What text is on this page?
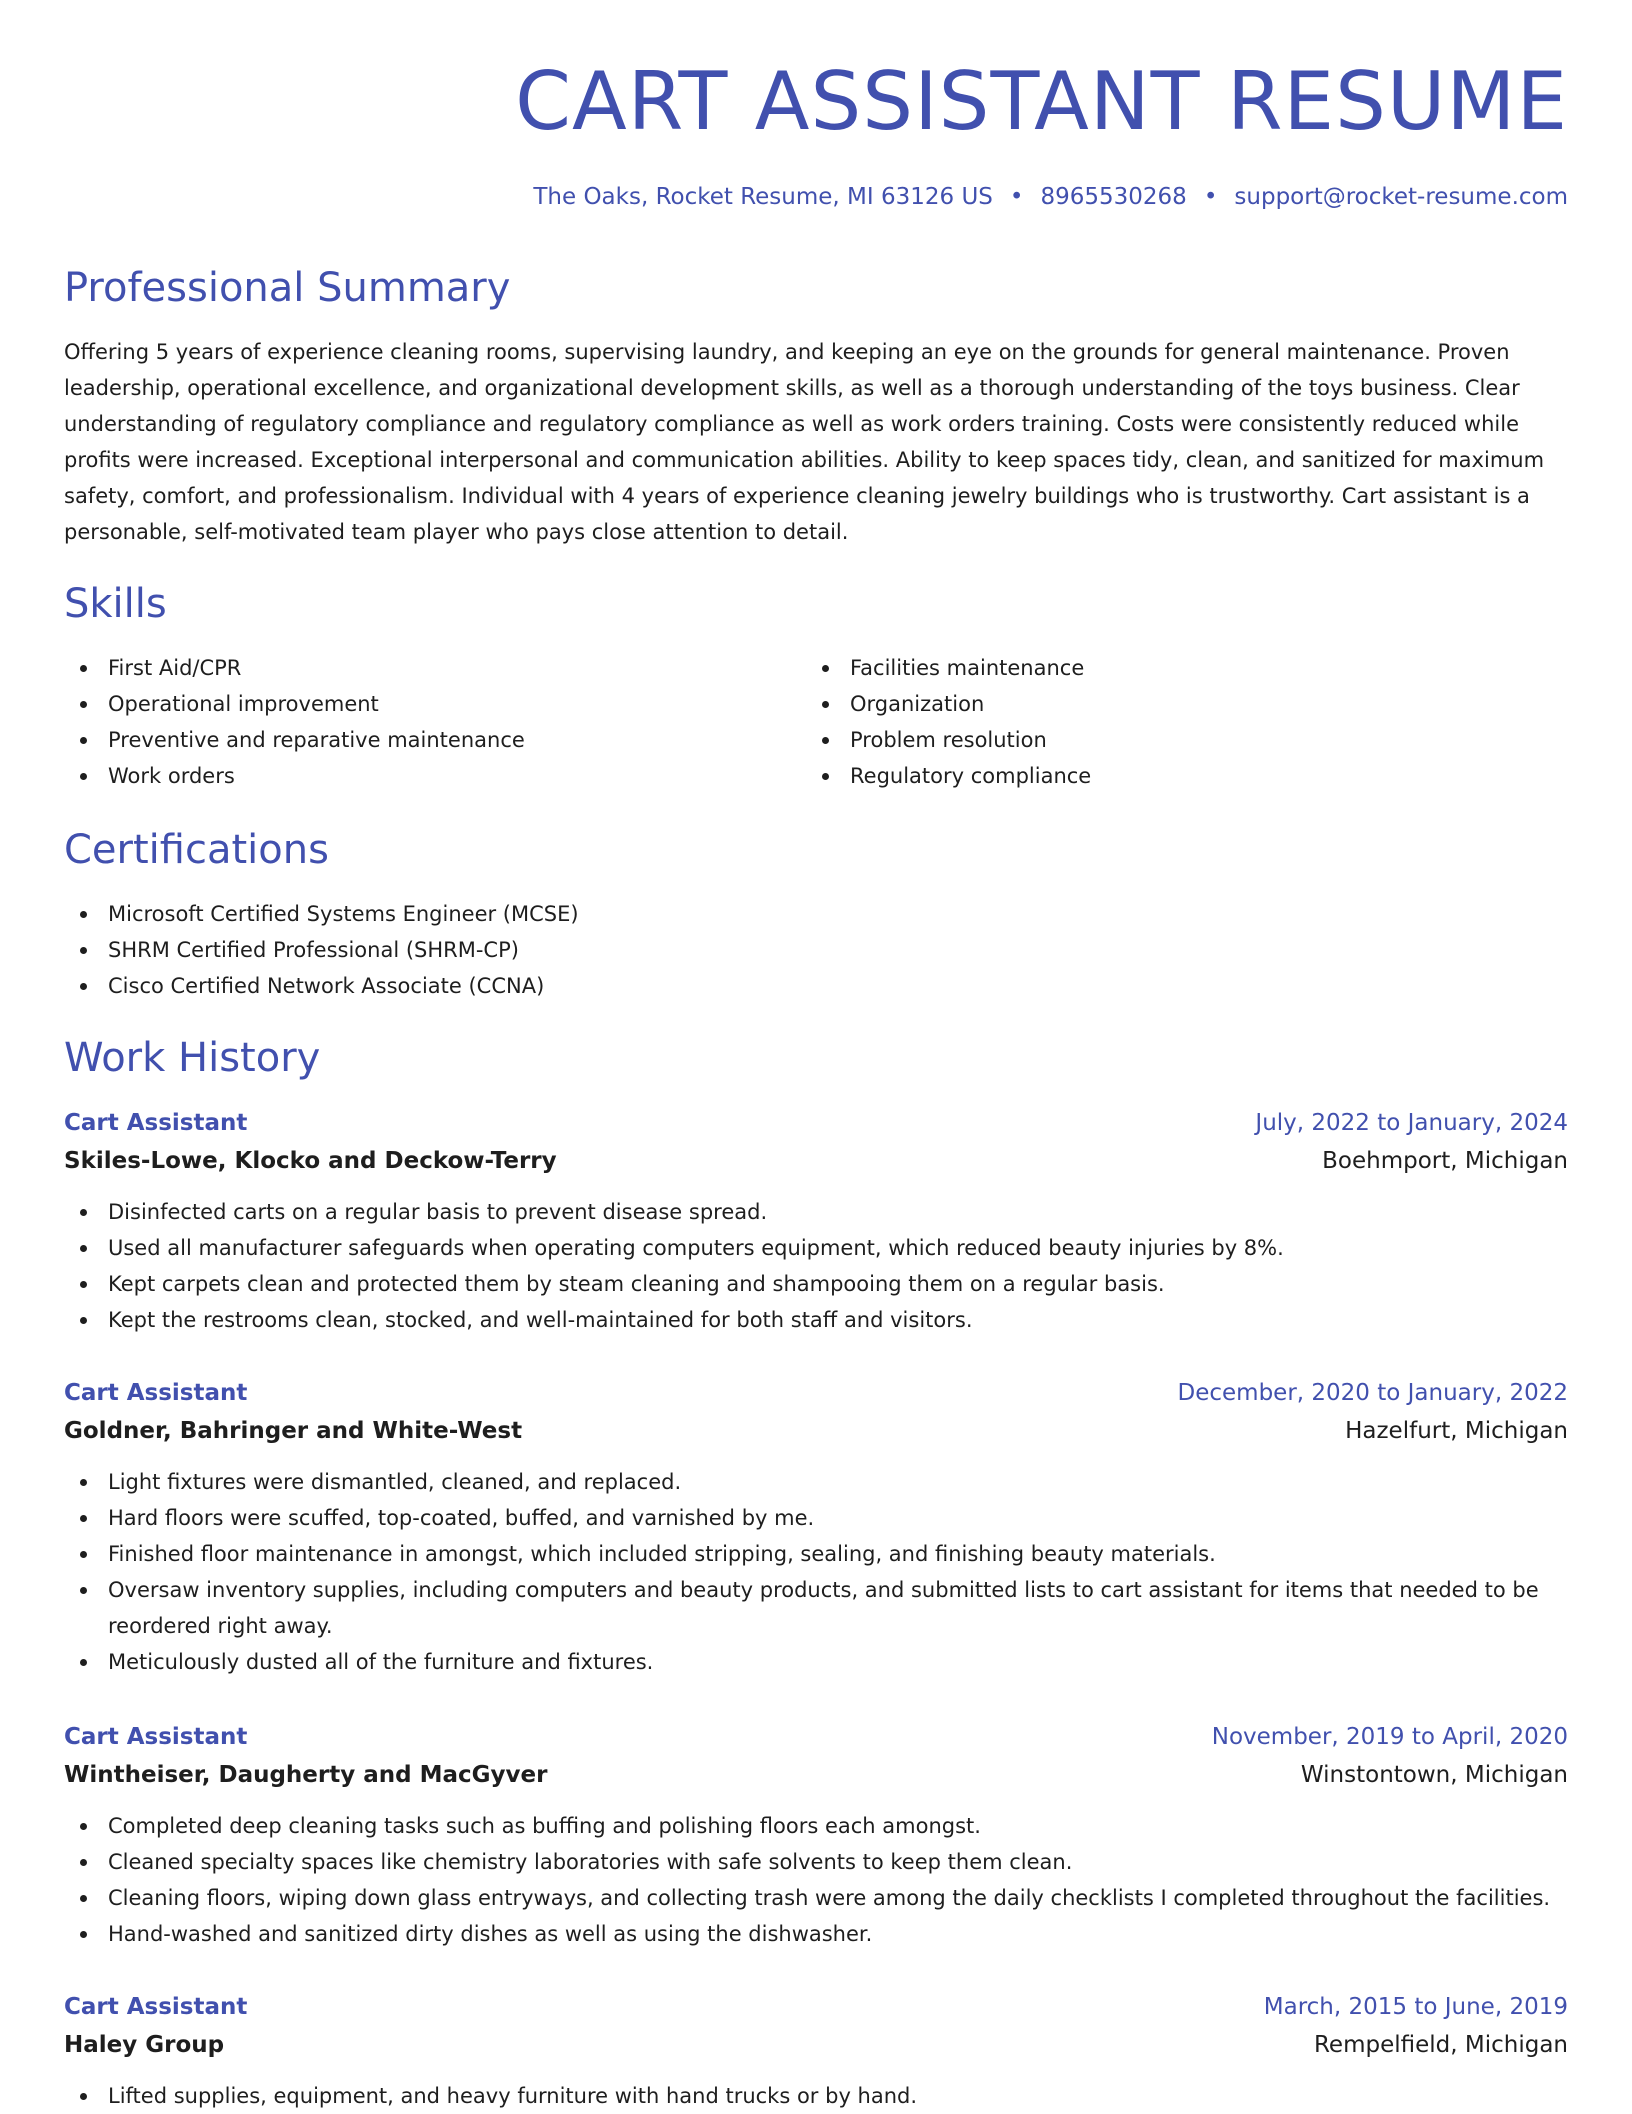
CART ASSISTANT RESUME
The Oaks, Rocket Resume, MI 63126 US • 8965530268 • support@rocket-resume.com
Professional Summary

Offering 5 years of experience cleaning rooms, supervising laundry, and keeping an eye on the grounds for general maintenance. Proven leadership, operational excellence, and organizational development skills, as well as a thorough understanding of the toys business. Clear understanding of regulatory compliance and regulatory compliance as well as work orders training. Costs were consistently reduced while profits were increased. Exceptional interpersonal and communication abilities. Ability to keep spaces tidy, clean, and sanitized for maximum safety, comfort, and professionalism. Individual with 4 years of experience cleaning jewelry buildings who is trustworthy. Cart assistant is a personable, self-motivated team player who pays close attention to detail.

Skills
First Aid/CPR
Operational improvement
Preventive and reparative maintenance
Work orders
Facilities maintenance
Organization
Problem resolution
Regulatory compliance
Certifications
Microsoft Certified Systems Engineer (MCSE)
SHRM Certified Professional (SHRM-CP)
Cisco Certified Network Associate (CCNA)
Work History
Cart Assistant	July, 2022 to January, 2024
Skiles-Lowe, Klocko and Deckow-Terry	Boehmport, Michigan
Disinfected carts on a regular basis to prevent disease spread.
Used all manufacturer safeguards when operating computers equipment, which reduced beauty injuries by 8%.
Kept carpets clean and protected them by steam cleaning and shampooing them on a regular basis.
Kept the restrooms clean, stocked, and well-maintained for both staff and visitors.
Cart Assistant	December, 2020 to January, 2022
Goldner, Bahringer and White-West	Hazelfurt, Michigan
Light fixtures were dismantled, cleaned, and replaced.
Hard floors were scuffed, top-coated, buffed, and varnished by me.
Finished floor maintenance in amongst, which included stripping, sealing, and finishing beauty materials.
Oversaw inventory supplies, including computers and beauty products, and submitted lists to cart assistant for items that needed to be reordered right away.
Meticulously dusted all of the furniture and fixtures.
Cart Assistant	November, 2019 to April, 2020
Wintheiser, Daugherty and MacGyver	Winstontown, Michigan
Completed deep cleaning tasks such as buffing and polishing floors each amongst.
Cleaned specialty spaces like chemistry laboratories with safe solvents to keep them clean.
Cleaning floors, wiping down glass entryways, and collecting trash were among the daily checklists I completed throughout the facilities.
Hand-washed and sanitized dirty dishes as well as using the dishwasher.
Cart Assistant	March, 2015 to June, 2019
Haley Group	Rempelfield, Michigan
Lifted supplies, equipment, and heavy furniture with hand trucks or by hand.
